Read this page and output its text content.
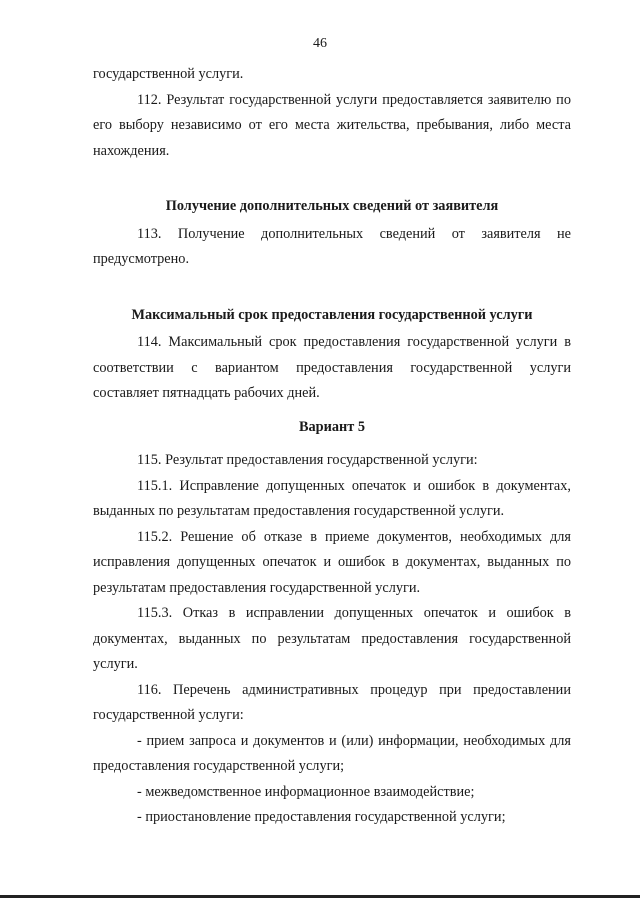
46

государственной услуги.

112. Результат государственной услуги предоставляется заявителю по его выбору независимо от его места жительства, пребывания, либо места нахождения.

Получение дополнительных сведений от заявителя

113. Получение дополнительных сведений от заявителя не предусмотрено.

Максимальный срок предоставления государственной услуги

114. Максимальный срок предоставления государственной услуги в соответствии с вариантом предоставления государственной услуги составляет пятнадцать рабочих дней.

Вариант 5

115. Результат предоставления государственной услуги:

115.1. Исправление допущенных опечаток и ошибок в документах, выданных по результатам предоставления государственной услуги.

115.2. Решение об отказе в приеме документов, необходимых для исправления допущенных опечаток и ошибок в документах, выданных по результатам предоставления государственной услуги.

115.3. Отказ в исправлении допущенных опечаток и ошибок в документах, выданных по результатам предоставления государственной услуги.

116. Перечень административных процедур при предоставлении государственной услуги:

- прием запроса и документов и (или) информации, необходимых для предоставления государственной услуги;

- межведомственное информационное взаимодействие;

- приостановление предоставления государственной услуги;
